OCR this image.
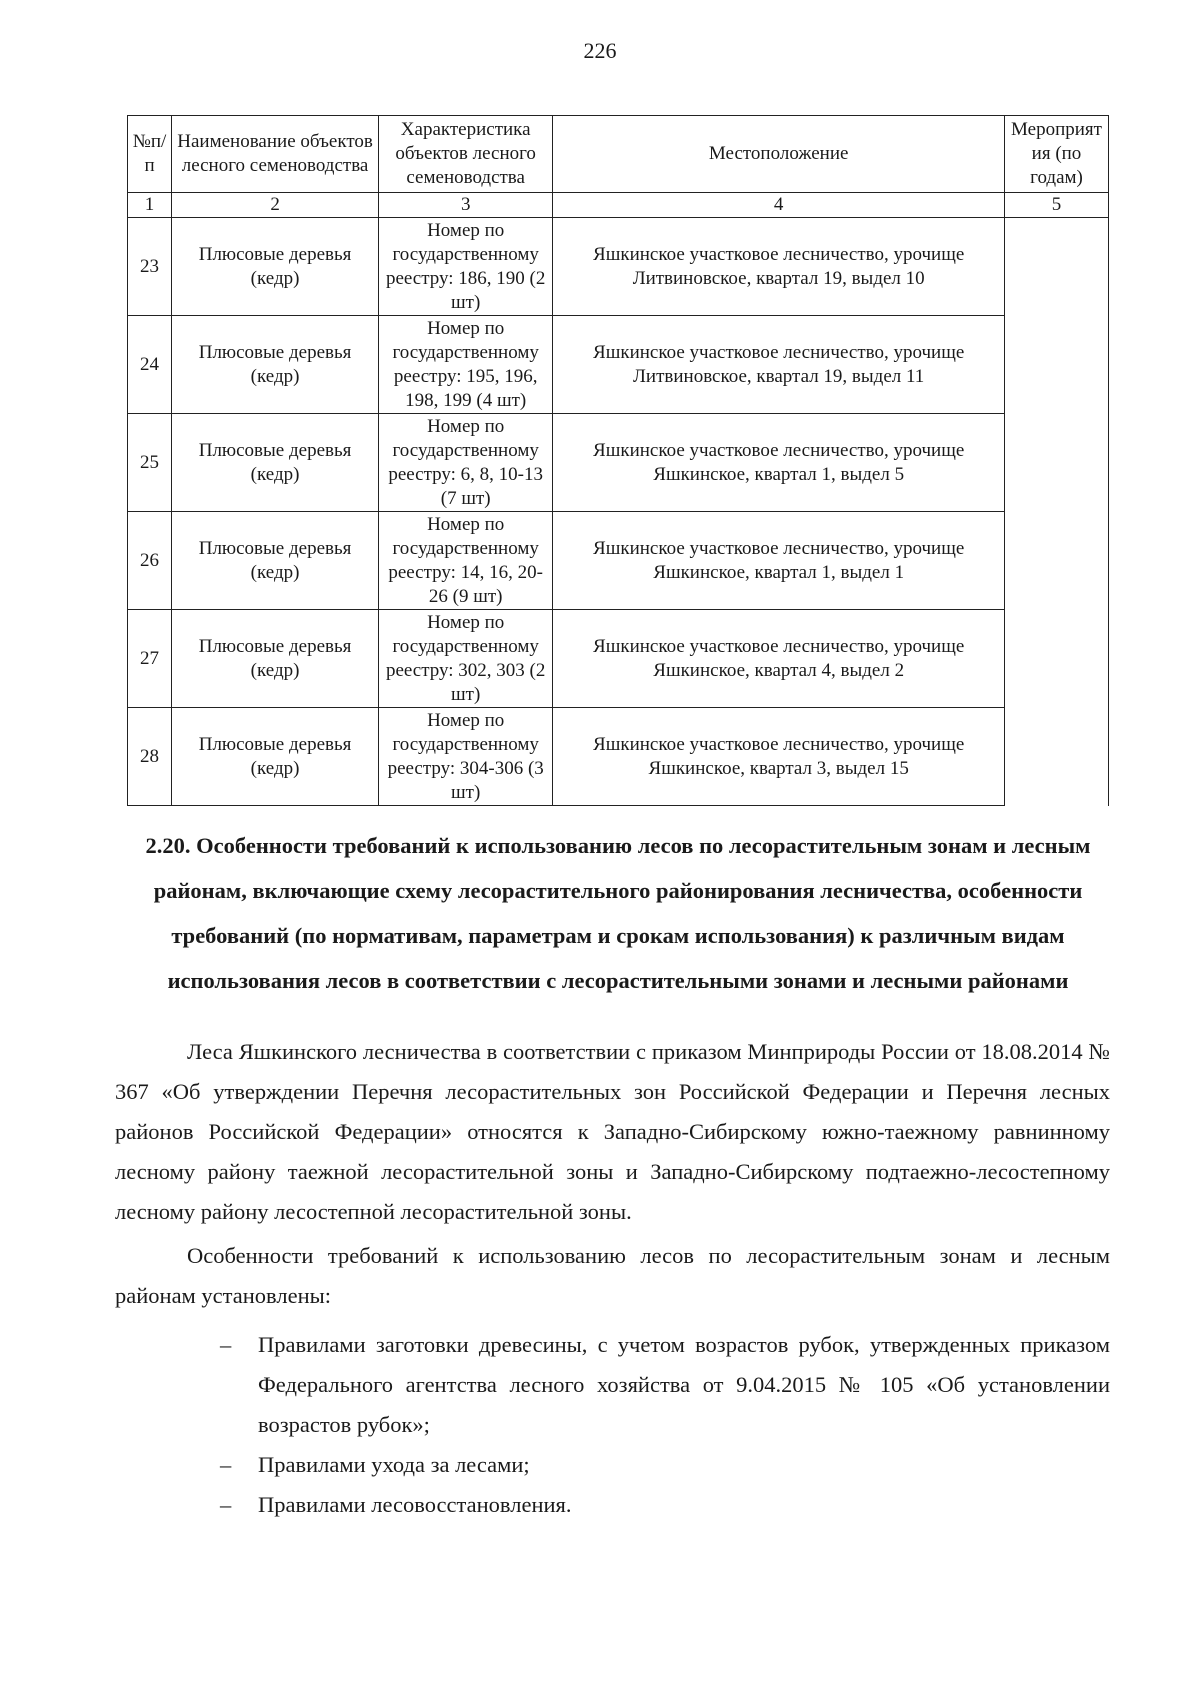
226
№п/п	Наименование объектов лесного семеноводства	Характеристика объектов лесного семеноводства	Местоположение	Мероприятия (по годам)
1	2	3	4	5
23	Плюсовые деревья (кедр)	Номер по государственному реестру: 186, 190 (2 шт)	Яшкинское участковое лесничество, урочище Литвиновское, квартал 19, выдел 10	
24	Плюсовые деревья (кедр)	Номер по государственному реестру: 195, 196, 198, 199 (4 шт)	Яшкинское участковое лесничество, урочище Литвиновское, квартал 19, выдел 11	
25	Плюсовые деревья (кедр)	Номер по государственному реестру: 6, 8, 10-13 (7 шт)	Яшкинское участковое лесничество, урочище Яшкинское, квартал 1, выдел 5	
26	Плюсовые деревья (кедр)	Номер по государственному реестру: 14, 16, 20-26 (9 шт)	Яшкинское участковое лесничество, урочище Яшкинское, квартал 1, выдел 1	
27	Плюсовые деревья (кедр)	Номер по государственному реестру: 302, 303 (2 шт)	Яшкинское участковое лесничество, урочище Яшкинское, квартал 4, выдел 2	
28	Плюсовые деревья (кедр)	Номер по государственному реестру: 304-306 (3 шт)	Яшкинское участковое лесничество, урочище Яшкинское, квартал 3, выдел 15	
2.20. Особенности требований к использованию лесов по лесорастительным зонам и лесным районам, включающие схему лесорастительного районирования лесничества, особенности требований (по нормативам, параметрам и срокам использования) к различным видам использования лесов в соответствии с лесорастительными зонами и лесными районами

Леса Яшкинского лесничества в соответствии с приказом Минприроды России от 18.08.2014 № 367 «Об утверждении Перечня лесорастительных зон Российской Федерации и Перечня лесных районов Российской Федерации» относятся к Западно-Сибирскому южно-таежному равнинному лесному району таежной лесорастительной зоны и Западно-Сибирскому подтаежно-лесостепному лесному району лесостепной лесорастительной зоны.

Особенности требований к использованию лесов по лесорастительным зонам и лесным районам установлены:

– Правилами заготовки древесины, с учетом возрастов рубок, утвержденных приказом Федерального агентства лесного хозяйства от 9.04.2015 № 105 «Об установлении возрастов рубок»;
– Правилами ухода за лесами;
– Правилами лесовосстановления.
